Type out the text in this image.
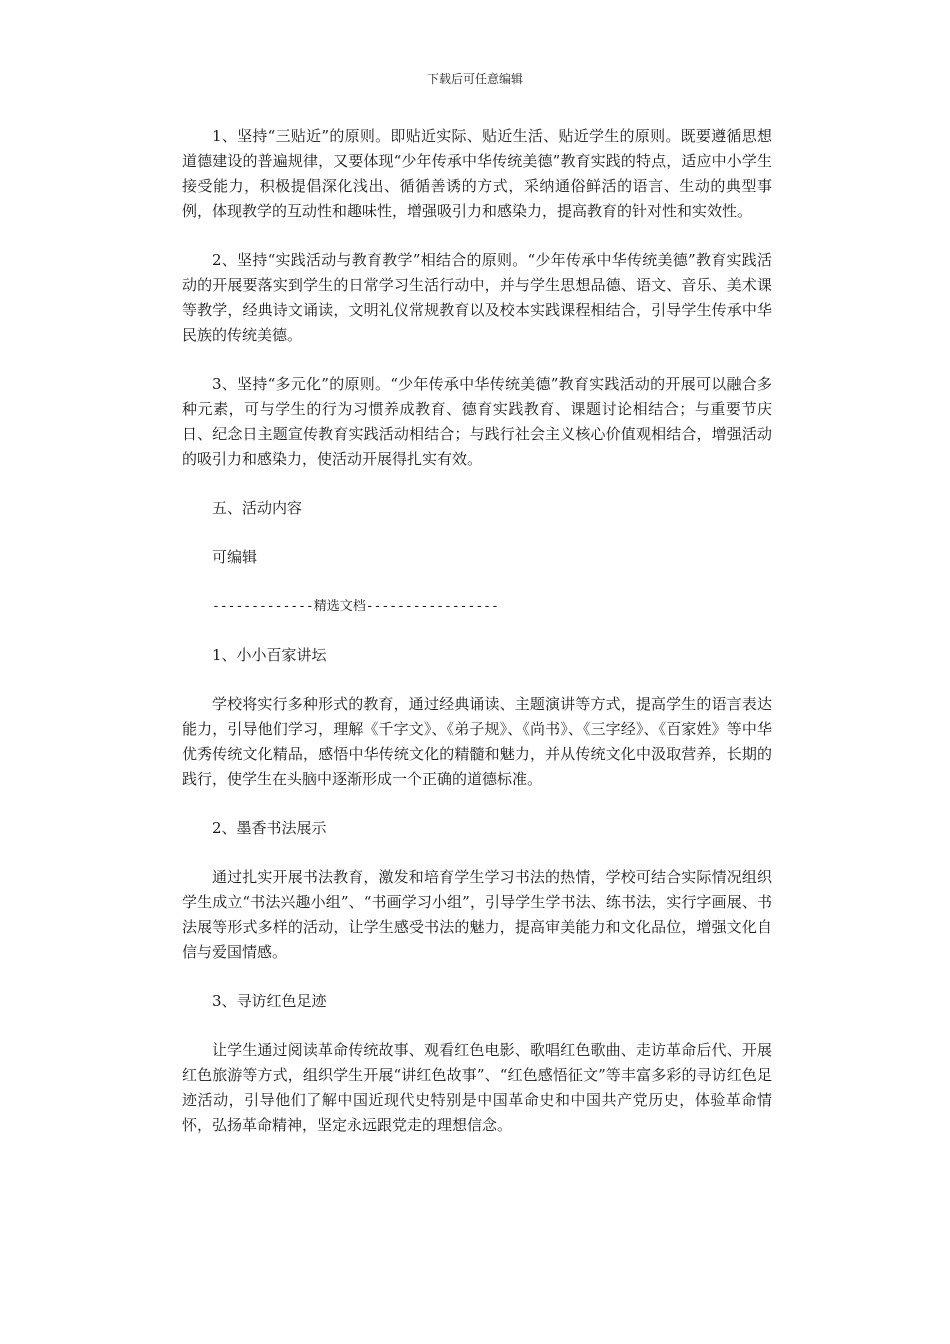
下载后可任意编辑

1、坚持“三贴近”的原则。即贴近实际、贴近生活、贴近学生的原则。既要遵循思想道德建设的普遍规律，又要体现“少年传承中华传统美德”教育实践的特点，适应中小学生接受能力，积极提倡深化浅出、循循善诱的方式，采纳通俗鲜活的语言、生动的典型事例，体现教学的互动性和趣味性，增强吸引力和感染力，提高教育的针对性和实效性。

2、坚持“实践活动与教育教学”相结合的原则。“少年传承中华传统美德”教育实践活动的开展要落实到学生的日常学习生活行动中，并与学生思想品德、语文、音乐、美术课等教学，经典诗文诵读，文明礼仪常规教育以及校本实践课程相结合，引导学生传承中华民族的传统美德。

3、坚持“多元化”的原则。“少年传承中华传统美德”教育实践活动的开展可以融合多种元素，可与学生的行为习惯养成教育、德育实践教育、课题讨论相结合；与重要节庆日、纪念日主题宣传教育实践活动相结合；与践行社会主义核心价值观相结合，增强活动的吸引力和感染力，使活动开展得扎实有效。

五、活动内容
可编辑
-------------精选文档-----------------
1、小小百家讲坛

学校将实行多种形式的教育，通过经典诵读、主题演讲等方式，提高学生的语言表达能力，引导他们学习，理解《千字文》、《弟子规》、《尚书》、《三字经》、《百家姓》等中华优秀传统文化精品，感悟中华传统文化的精髓和魅力，并从传统文化中汲取营养，长期的践行，使学生在头脑中逐渐形成一个正确的道德标准。

2、墨香书法展示

通过扎实开展书法教育，激发和培育学生学习书法的热情，学校可结合实际情况组织学生成立“书法兴趣小组”、“书画学习小组”，引导学生学书法、练书法，实行字画展、书法展等形式多样的活动，让学生感受书法的魅力，提高审美能力和文化品位，增强文化自信与爱国情感。

3、寻访红色足迹

让学生通过阅读革命传统故事、观看红色电影、歌唱红色歌曲、走访革命后代、开展红色旅游等方式，组织学生开展“讲红色故事”、“红色感悟征文”等丰富多彩的寻访红色足迹活动，引导他们了解中国近现代史特别是中国革命史和中国共产党历史，体验革命情怀，弘扬革命精神，坚定永远跟党走的理想信念。
